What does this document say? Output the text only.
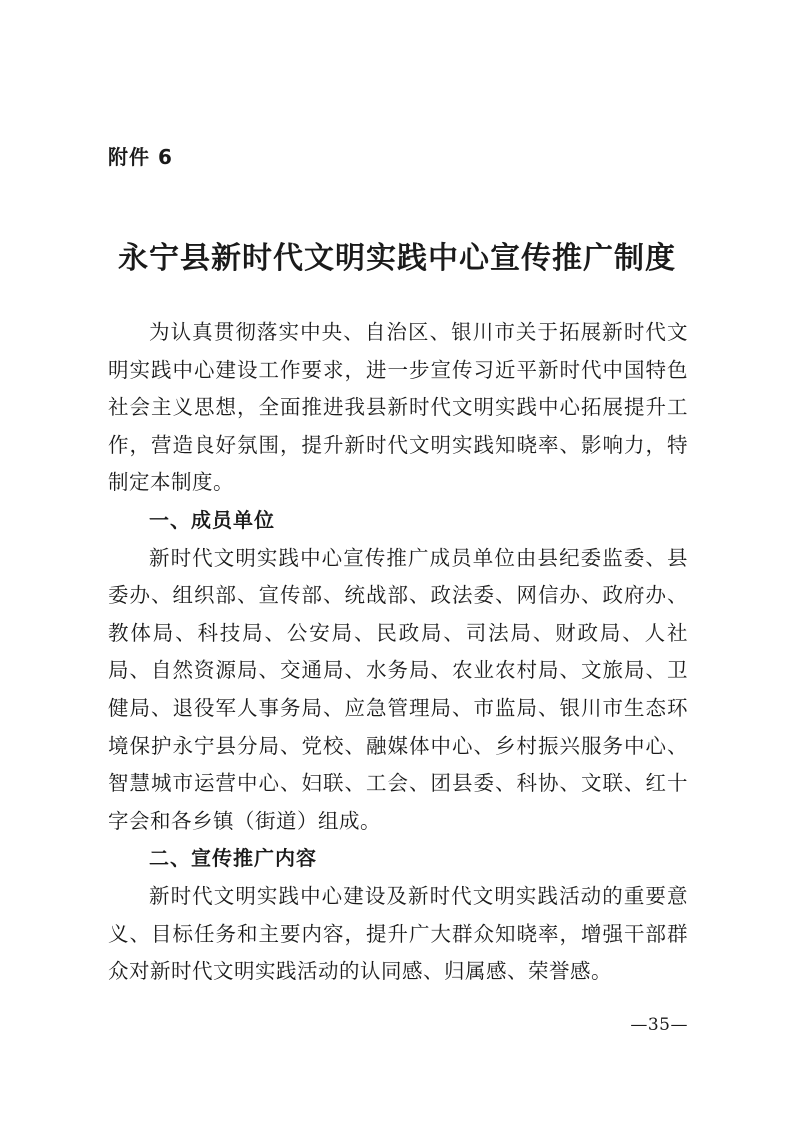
附件 6
永宁县新时代文明实践中心宣传推广制度

为认真贯彻落实中央、自治区、银川市关于拓展新时代文明实践中心建设工作要求，进一步宣传习近平新时代中国特色社会主义思想，全面推进我县新时代文明实践中心拓展提升工作，营造良好氛围，提升新时代文明实践知晓率、影响力，特制定本制度。

一、成员单位

新时代文明实践中心宣传推广成员单位由县纪委监委、县委办、组织部、宣传部、统战部、政法委、网信办、政府办、教体局、科技局、公安局、民政局、司法局、财政局、人社局、自然资源局、交通局、水务局、农业农村局、文旅局、卫健局、退役军人事务局、应急管理局、市监局、银川市生态环境保护永宁县分局、党校、融媒体中心、乡村振兴服务中心、智慧城市运营中心、妇联、工会、团县委、科协、文联、红十字会和各乡镇（街道）组成。

二、宣传推广内容

新时代文明实践中心建设及新时代文明实践活动的重要意义、目标任务和主要内容，提升广大群众知晓率，增强干部群众对新时代文明实践活动的认同感、归属感、荣誉感。

—35—
